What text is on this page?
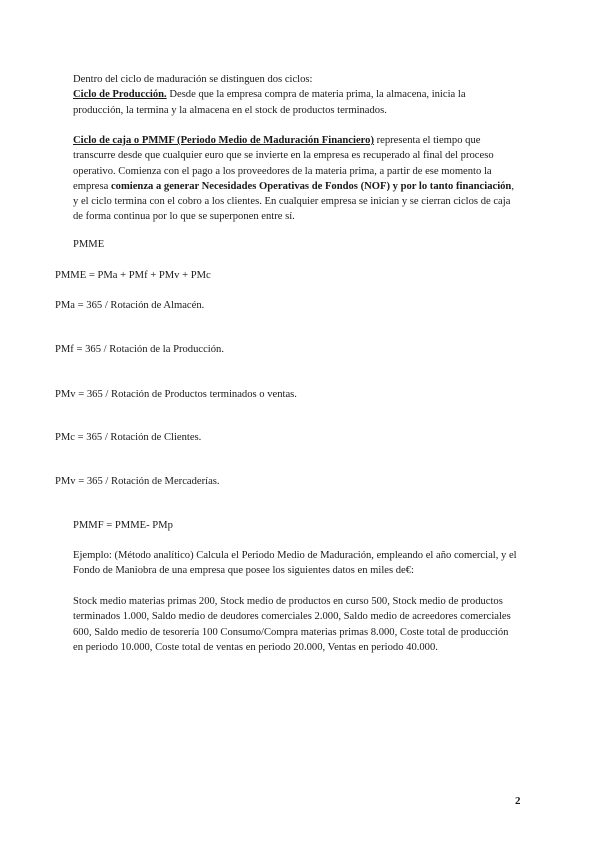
Dentro del ciclo de maduración se distinguen dos ciclos:
Ciclo de Producción. Desde que la empresa compra de materia prima, la almacena, inicia la producción, la termina y la almacena en el stock de productos terminados.
Ciclo de caja o PMMF (Periodo Medio de Maduración Financiero) representa el tiempo que transcurre desde que cualquier euro que se invierte en la empresa es recuperado al final del proceso operativo. Comienza con el pago a los proveedores de la materia prima, a partir de ese momento la empresa comienza a generar Necesidades Operativas de Fondos (NOF) y por lo tanto financiación, y el ciclo termina con el cobro a los clientes. En cualquier empresa se inician y se cierran ciclos de caja de forma continua por lo que se superponen entre sí.
PMME
PMME = PMa + PMf + PMv + PMc
PMa = 365 / Rotación de Almacén.
PMf = 365 / Rotación de la Producción.
PMv = 365 / Rotación de Productos terminados o ventas.
PMc = 365 / Rotación de Clientes.
PMv = 365 / Rotación de Mercaderías.
PMMF = PMME- PMp
Ejemplo: (Método analítico) Calcula el Periodo Medio de Maduración, empleando el año comercial, y el Fondo de Maniobra de una empresa que posee los siguientes datos en miles de€:
Stock medio materias primas 200, Stock medio de productos en curso 500, Stock medio de productos terminados 1.000, Saldo medio de deudores comerciales 2.000, Saldo medio de acreedores comerciales 600, Saldo medio de tesorería 100 Consumo/Compra materias primas 8.000, Coste total de producción en periodo 10.000, Coste total de ventas en periodo 20.000, Ventas en periodo 40.000.
2
